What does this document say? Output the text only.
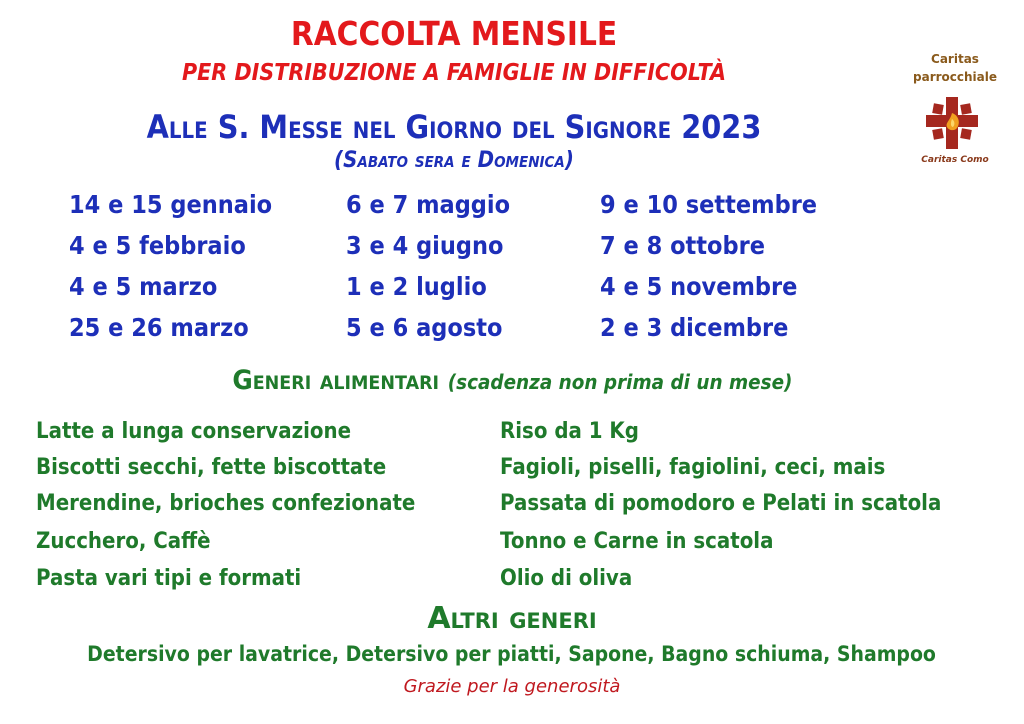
RACCOLTA MENSILE
PER DISTRIBUZIONE A FAMIGLIE IN DIFFICOLTÀ
Alle S. Messe nel Giorno del Signore 2023
(Sabato sera e Domenica)
Caritas
parrocchiale
Caritas Como
14 e 15 gennaio
4 e 5 febbraio
4 e 5 marzo
25 e 26 marzo
6 e 7 maggio
3 e 4 giugno
1 e 2 luglio
5 e 6 agosto
9 e 10 settembre
7 e 8 ottobre
4 e 5 novembre
2 e 3 dicembre
Generi alimentari (scadenza non prima di un mese)
Latte a lunga conservazione
Biscotti secchi, fette biscottate
Merendine, brioches confezionate
Zucchero, Caffè
Pasta vari tipi e formati
Riso da 1 Kg
Fagioli, piselli, fagiolini, ceci, mais
Passata di pomodoro e Pelati in scatola
Tonno e Carne in scatola
Olio di oliva
Altri generi
Detersivo per lavatrice, Detersivo per piatti, Sapone, Bagno schiuma, Shampoo
Grazie per la generosità
